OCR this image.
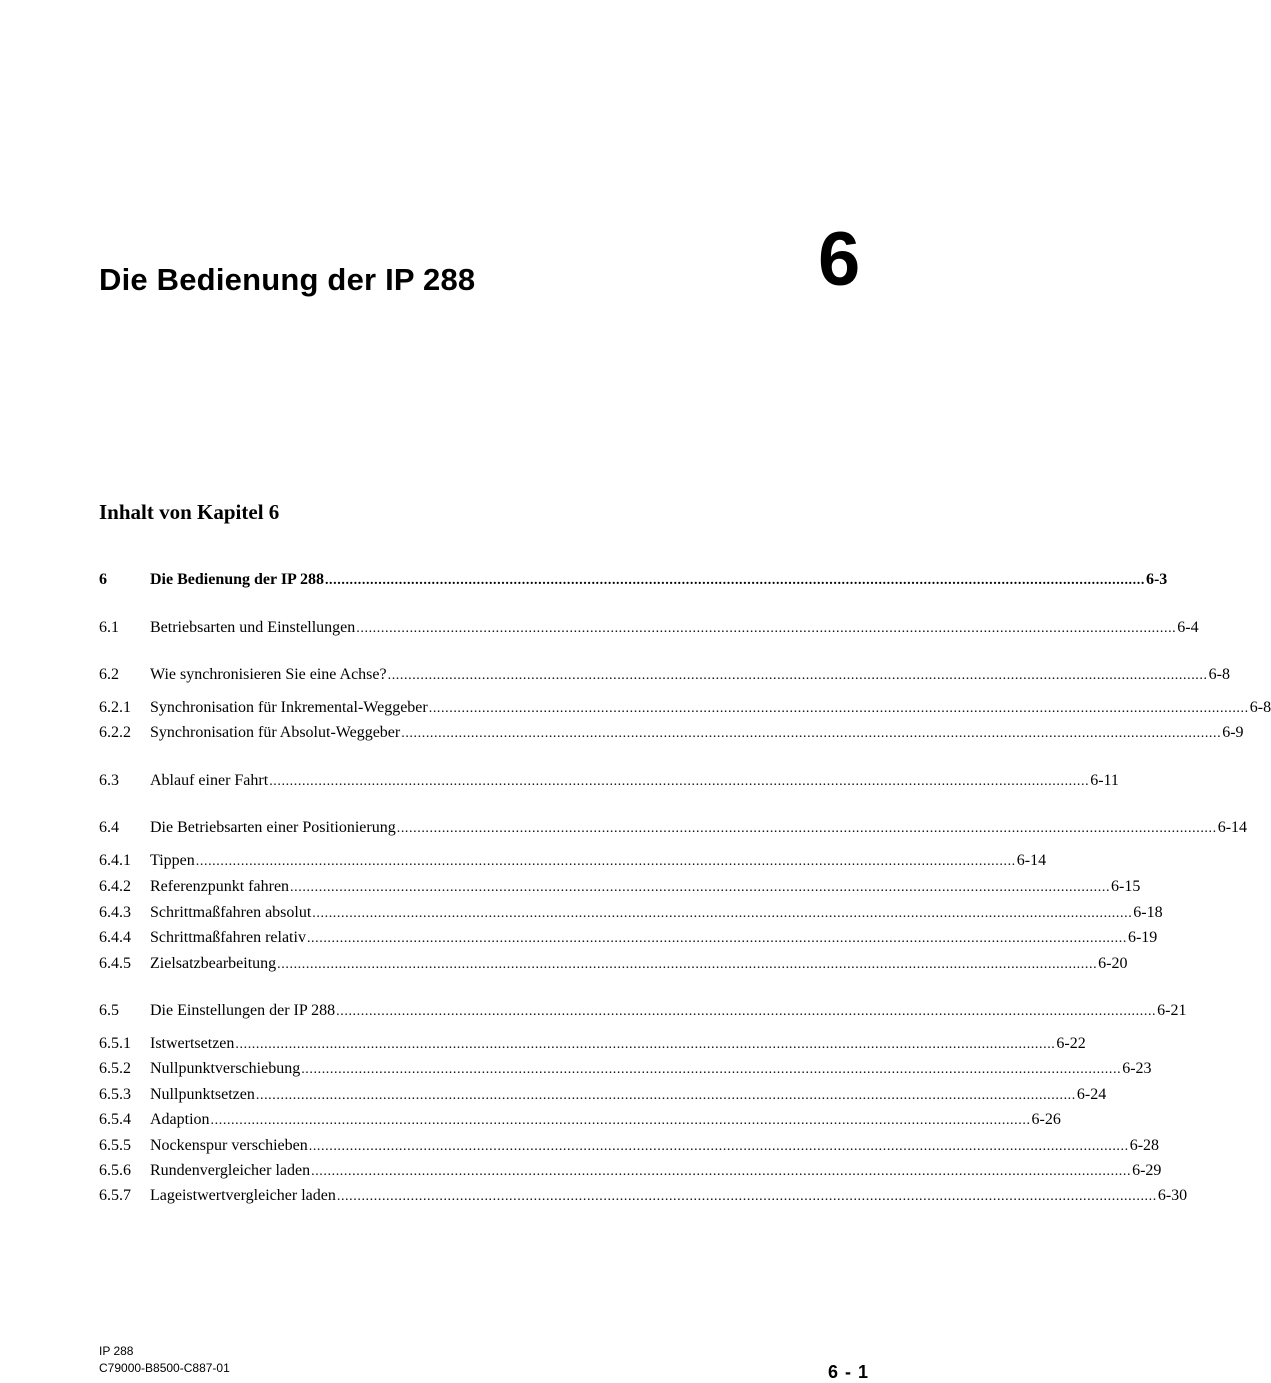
Die Bedienung der IP 288	6
Inhalt von Kapitel 6
6	Die Bedienung der IP 288 ........................................................................................................................................................................................................ 6-3
6.1	Betriebsarten und Einstellungen ........................................................................................................................................................................................................ 6-4
6.2	Wie synchronisieren Sie eine Achse? ........................................................................................................................................................................................................ 6-8
6.2.1	Synchronisation für Inkremental-Weggeber ........................................................................................................................................................................................................ 6-8
6.2.2	Synchronisation für Absolut-Weggeber ........................................................................................................................................................................................................ 6-9
6.3	Ablauf einer Fahrt ........................................................................................................................................................................................................ 6-11
6.4	Die Betriebsarten einer Positionierung ........................................................................................................................................................................................................ 6-14
6.4.1	Tippen ........................................................................................................................................................................................................ 6-14
6.4.2	Referenzpunkt fahren ........................................................................................................................................................................................................ 6-15
6.4.3	Schrittmaßfahren absolut ........................................................................................................................................................................................................ 6-18
6.4.4	Schrittmaßfahren relativ ........................................................................................................................................................................................................ 6-19
6.4.5	Zielsatzbearbeitung ........................................................................................................................................................................................................ 6-20
6.5	Die Einstellungen der IP 288 ........................................................................................................................................................................................................ 6-21
6.5.1	Istwertsetzen ........................................................................................................................................................................................................ 6-22
6.5.2	Nullpunktverschiebung ........................................................................................................................................................................................................ 6-23
6.5.3	Nullpunktsetzen ........................................................................................................................................................................................................ 6-24
6.5.4	Adaption ........................................................................................................................................................................................................ 6-26
6.5.5	Nockenspur verschieben ........................................................................................................................................................................................................ 6-28
6.5.6	Rundenvergleicher laden ........................................................................................................................................................................................................ 6-29
6.5.7	Lageistwertvergleicher laden ........................................................................................................................................................................................................ 6-30
IP 288
C79000-B8500-C887-01	6 - 1
